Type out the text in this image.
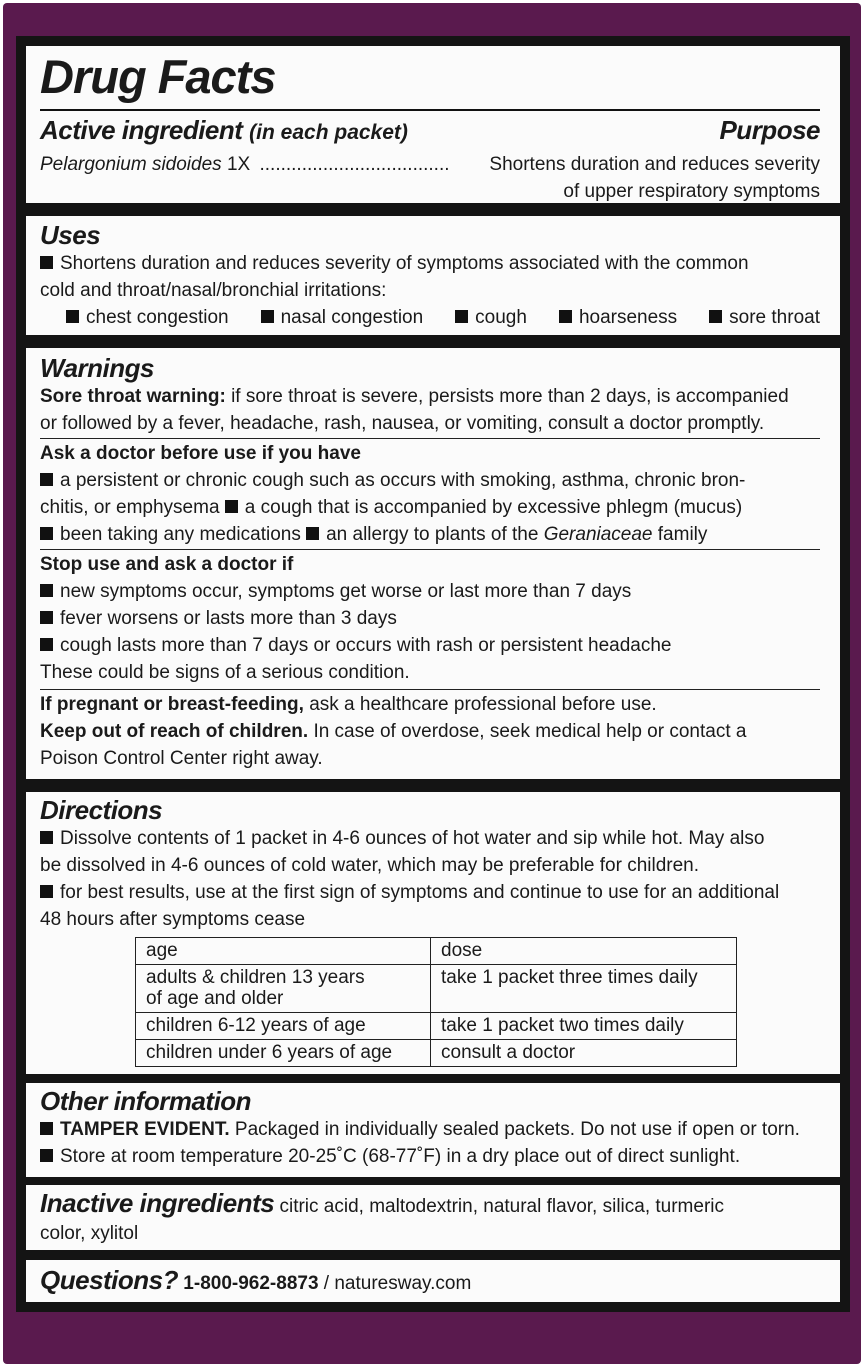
Drug Facts
Active ingredient (in each packet)	Purpose
Pelargonium sidoides 1X .................................... Shortens duration and reduces severity
of upper respiratory symptoms
Uses
Shortens duration and reduces severity of symptoms associated with the common
cold and throat/nasal/bronchial irritations:
chest congestion	nasal congestion	cough	hoarseness	sore throat
Warnings
Sore throat warning: if sore throat is severe, persists more than 2 days, is accompanied
or followed by a fever, headache, rash, nausea, or vomiting, consult a doctor promptly.
Ask a doctor before use if you have
a persistent or chronic cough such as occurs with smoking, asthma, chronic bron-
chitis, or emphysema a cough that is accompanied by excessive phlegm (mucus)
been taking any medications an allergy to plants of the Geraniaceae family
Stop use and ask a doctor if
new symptoms occur, symptoms get worse or last more than 7 days
fever worsens or lasts more than 3 days
cough lasts more than 7 days or occurs with rash or persistent headache
These could be signs of a serious condition.
If pregnant or breast-feeding, ask a healthcare professional before use.
Keep out of reach of children. In case of overdose, seek medical help or contact a
Poison Control Center right away.
Directions
Dissolve contents of 1 packet in 4-6 ounces of hot water and sip while hot. May also
be dissolved in 4-6 ounces of cold water, which may be preferable for children.
for best results, use at the first sign of symptoms and continue to use for an additional
48 hours after symptoms cease
age	dose
adults & children 13 years
of age and older	take 1 packet three times daily
children 6-12 years of age	take 1 packet two times daily
children under 6 years of age	consult a doctor
Other information
TAMPER EVIDENT. Packaged in individually sealed packets. Do not use if open or torn.
Store at room temperature 20-25˚C (68-77˚F) in a dry place out of direct sunlight.
Inactive ingredients citric acid, maltodextrin, natural flavor, silica, turmeric
color, xylitol
Questions? 1-800-962-8873 / naturesway.com
